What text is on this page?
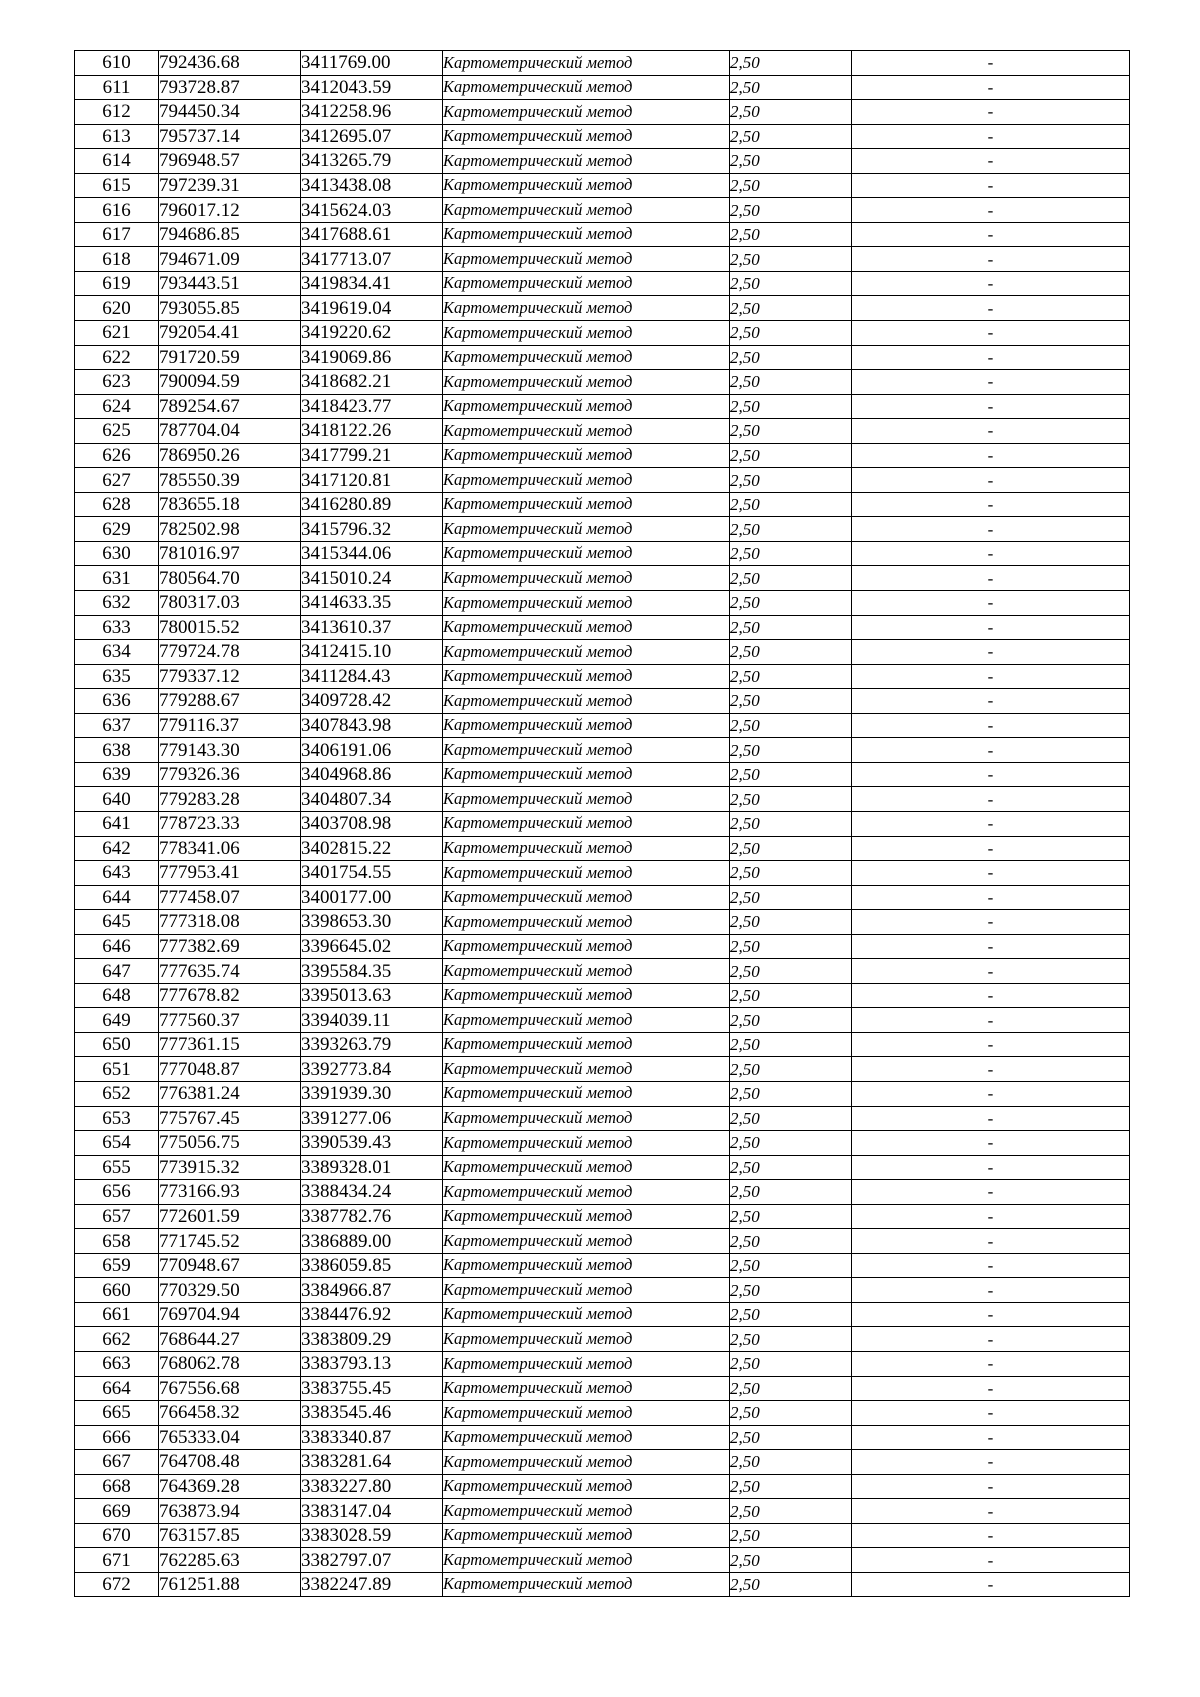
610	792436.68	3411769.00	Картометрический метод	2,50	-
611	793728.87	3412043.59	Картометрический метод	2,50	-
612	794450.34	3412258.96	Картометрический метод	2,50	-
613	795737.14	3412695.07	Картометрический метод	2,50	-
614	796948.57	3413265.79	Картометрический метод	2,50	-
615	797239.31	3413438.08	Картометрический метод	2,50	-
616	796017.12	3415624.03	Картометрический метод	2,50	-
617	794686.85	3417688.61	Картометрический метод	2,50	-
618	794671.09	3417713.07	Картометрический метод	2,50	-
619	793443.51	3419834.41	Картометрический метод	2,50	-
620	793055.85	3419619.04	Картометрический метод	2,50	-
621	792054.41	3419220.62	Картометрический метод	2,50	-
622	791720.59	3419069.86	Картометрический метод	2,50	-
623	790094.59	3418682.21	Картометрический метод	2,50	-
624	789254.67	3418423.77	Картометрический метод	2,50	-
625	787704.04	3418122.26	Картометрический метод	2,50	-
626	786950.26	3417799.21	Картометрический метод	2,50	-
627	785550.39	3417120.81	Картометрический метод	2,50	-
628	783655.18	3416280.89	Картометрический метод	2,50	-
629	782502.98	3415796.32	Картометрический метод	2,50	-
630	781016.97	3415344.06	Картометрический метод	2,50	-
631	780564.70	3415010.24	Картометрический метод	2,50	-
632	780317.03	3414633.35	Картометрический метод	2,50	-
633	780015.52	3413610.37	Картометрический метод	2,50	-
634	779724.78	3412415.10	Картометрический метод	2,50	-
635	779337.12	3411284.43	Картометрический метод	2,50	-
636	779288.67	3409728.42	Картометрический метод	2,50	-
637	779116.37	3407843.98	Картометрический метод	2,50	-
638	779143.30	3406191.06	Картометрический метод	2,50	-
639	779326.36	3404968.86	Картометрический метод	2,50	-
640	779283.28	3404807.34	Картометрический метод	2,50	-
641	778723.33	3403708.98	Картометрический метод	2,50	-
642	778341.06	3402815.22	Картометрический метод	2,50	-
643	777953.41	3401754.55	Картометрический метод	2,50	-
644	777458.07	3400177.00	Картометрический метод	2,50	-
645	777318.08	3398653.30	Картометрический метод	2,50	-
646	777382.69	3396645.02	Картометрический метод	2,50	-
647	777635.74	3395584.35	Картометрический метод	2,50	-
648	777678.82	3395013.63	Картометрический метод	2,50	-
649	777560.37	3394039.11	Картометрический метод	2,50	-
650	777361.15	3393263.79	Картометрический метод	2,50	-
651	777048.87	3392773.84	Картометрический метод	2,50	-
652	776381.24	3391939.30	Картометрический метод	2,50	-
653	775767.45	3391277.06	Картометрический метод	2,50	-
654	775056.75	3390539.43	Картометрический метод	2,50	-
655	773915.32	3389328.01	Картометрический метод	2,50	-
656	773166.93	3388434.24	Картометрический метод	2,50	-
657	772601.59	3387782.76	Картометрический метод	2,50	-
658	771745.52	3386889.00	Картометрический метод	2,50	-
659	770948.67	3386059.85	Картометрический метод	2,50	-
660	770329.50	3384966.87	Картометрический метод	2,50	-
661	769704.94	3384476.92	Картометрический метод	2,50	-
662	768644.27	3383809.29	Картометрический метод	2,50	-
663	768062.78	3383793.13	Картометрический метод	2,50	-
664	767556.68	3383755.45	Картометрический метод	2,50	-
665	766458.32	3383545.46	Картометрический метод	2,50	-
666	765333.04	3383340.87	Картометрический метод	2,50	-
667	764708.48	3383281.64	Картометрический метод	2,50	-
668	764369.28	3383227.80	Картометрический метод	2,50	-
669	763873.94	3383147.04	Картометрический метод	2,50	-
670	763157.85	3383028.59	Картометрический метод	2,50	-
671	762285.63	3382797.07	Картометрический метод	2,50	-
672	761251.88	3382247.89	Картометрический метод	2,50	-
